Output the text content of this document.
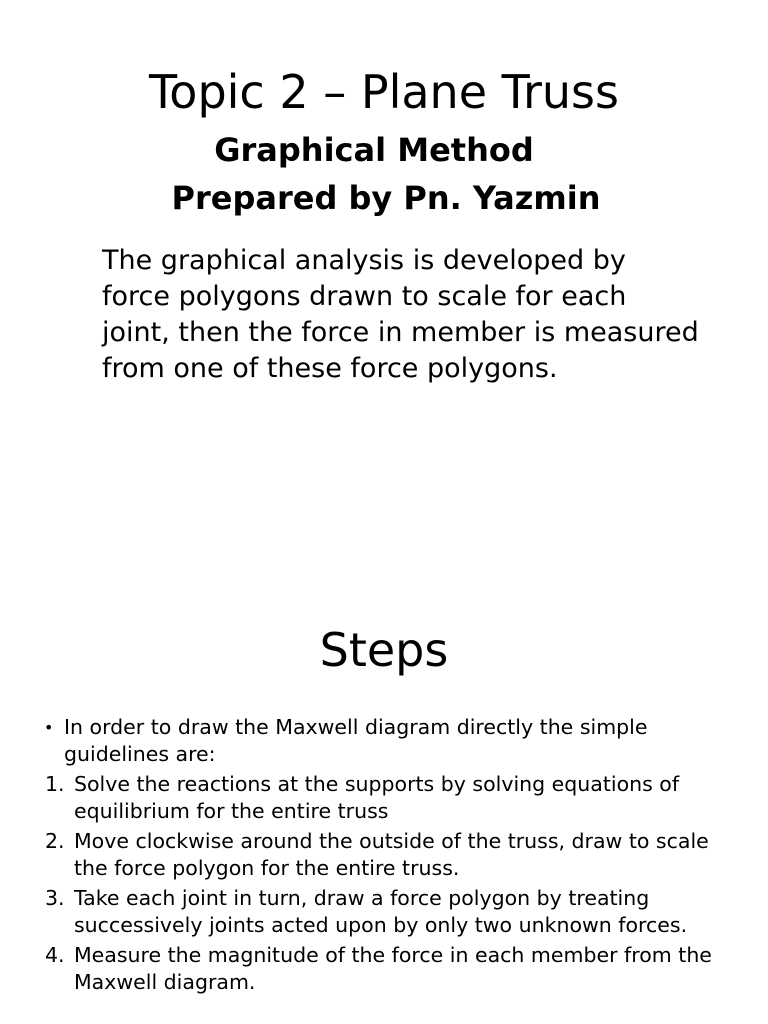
Topic 2 – Plane Truss
Graphical Method
Prepared by Pn. Yazmin

The graphical analysis is developed by force polygons drawn to scale for each joint, then the force in member is measured from one of these force polygons.

Steps
• In order to draw the Maxwell diagram directly the simple guidelines are:
1. Solve the reactions at the supports by solving equations of equilibrium for the entire truss
2. Move clockwise around the outside of the truss, draw to scale the force polygon for the entire truss.
3. Take each joint in turn, draw a force polygon by treating successively joints acted upon by only two unknown forces.
4. Measure the magnitude of the force in each member from the Maxwell diagram.
